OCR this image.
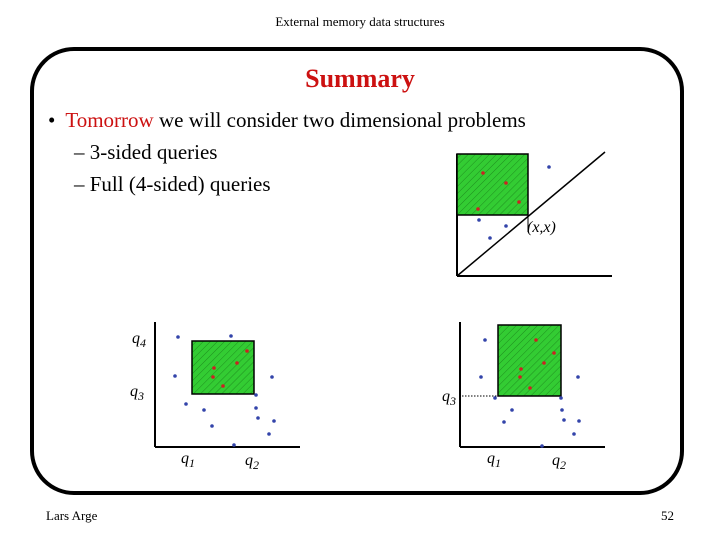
External memory data structures
Summary
• Tomorrow we will consider two dimensional problems
– 3-sided queries
– Full (4-sided) queries
(x,x)
$q_4$
$q_3$
$q_1$	$q_2$
$q_3$
$q_1$	$q_2$
Lars Arge	52
